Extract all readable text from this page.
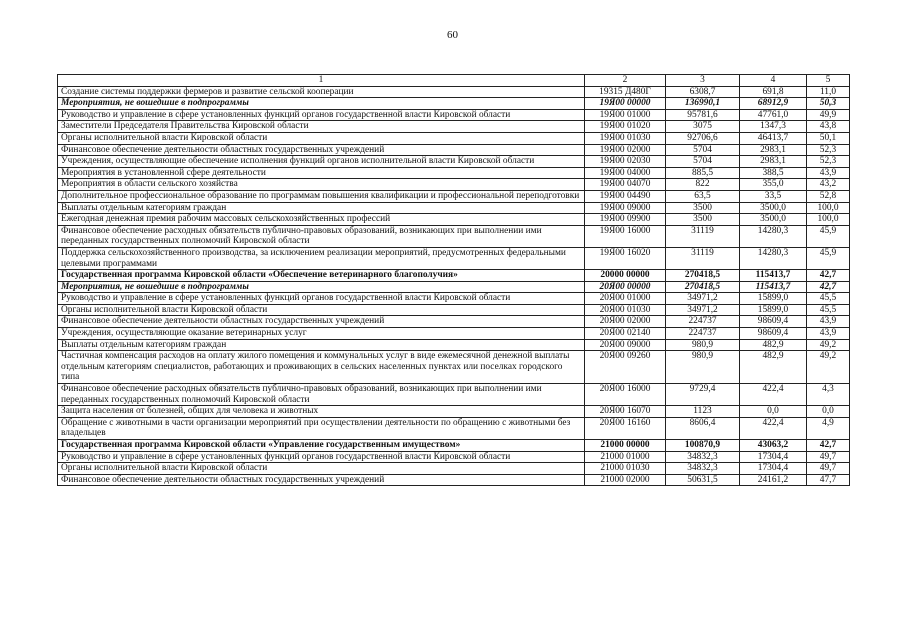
60
1	2	3	4	5
Создание системы поддержки фермеров и развитие сельской кооперации	19315 Д480Г	6308,7	691,8	11,0
Мероприятия, не вошедшие в подпрограммы	19Я00 00000	136990,1	68912,9	50,3
Руководство и управление в сфере установленных функций органов государственной власти Кировской области	19Я00 01000	95781,6	47761,0	49,9
Заместители Председателя Правительства Кировской области	19Я00 01020	3075	1347,3	43,8
Органы исполнительной власти Кировской области	19Я00 01030	92706,6	46413,7	50,1
Финансовое обеспечение деятельности областных государственных учреждений	19Я00 02000	5704	2983,1	52,3
Учреждения, осуществляющие обеспечение исполнения функций органов исполнительной власти Кировской области	19Я00 02030	5704	2983,1	52,3
Мероприятия в установленной сфере деятельности	19Я00 04000	885,5	388,5	43,9
Мероприятия в области сельского хозяйства	19Я00 04070	822	355,0	43,2
Дополнительное профессиональное образование по программам повышения квалификации и профессиональной переподготовки	19Я00 04490	63,5	33,5	52,8
Выплаты отдельным категориям граждан	19Я00 09000	3500	3500,0	100,0
Ежегодная денежная премия рабочим массовых сельскохозяйственных профессий	19Я00 09900	3500	3500,0	100,0
Финансовое обеспечение расходных обязательств публично-правовых образований, возникающих при выполнении ими переданных государственных полномочий Кировской области	19Я00 16000	31119	14280,3	45,9
Поддержка сельскохозяйственного производства, за исключением реализации мероприятий, предусмотренных федеральными целевыми программами	19Я00 16020	31119	14280,3	45,9
Государственная программа Кировской области «Обеспечение ветеринарного благополучия»	20000 00000	270418,5	115413,7	42,7
Мероприятия, не вошедшие в подпрограммы	20Я00 00000	270418,5	115413,7	42,7
Руководство и управление в сфере установленных функций органов государственной власти Кировской области	20Я00 01000	34971,2	15899,0	45,5
Органы исполнительной власти Кировской области	20Я00 01030	34971,2	15899,0	45,5
Финансовое обеспечение деятельности областных государственных учреждений	20Я00 02000	224737	98609,4	43,9
Учреждения, осуществляющие оказание ветеринарных услуг	20Я00 02140	224737	98609,4	43,9
Выплаты отдельным категориям граждан	20Я00 09000	980,9	482,9	49,2
Частичная компенсация расходов на оплату жилого помещения и коммунальных услуг в виде ежемесячной денежной выплаты отдельным категориям специалистов, работающих и проживающих в сельских населенных пунктах или поселках городского типа	20Я00 09260	980,9	482,9	49,2
Финансовое обеспечение расходных обязательств публично-правовых образований, возникающих при выполнении ими переданных государственных полномочий Кировской области	20Я00 16000	9729,4	422,4	4,3
Защита населения от болезней, общих для человека и животных	20Я00 16070	1123	0,0	0,0
Обращение с животными в части организации мероприятий при осуществлении деятельности по обращению с животными без владельцев	20Я00 16160	8606,4	422,4	4,9
Государственная программа Кировской области «Управление государственным имуществом»	21000 00000	100870,9	43063,2	42,7
Руководство и управление в сфере установленных функций органов государственной власти Кировской области	21000 01000	34832,3	17304,4	49,7
Органы исполнительной власти Кировской области	21000 01030	34832,3	17304,4	49,7
Финансовое обеспечение деятельности областных государственных учреждений	21000 02000	50631,5	24161,2	47,7
